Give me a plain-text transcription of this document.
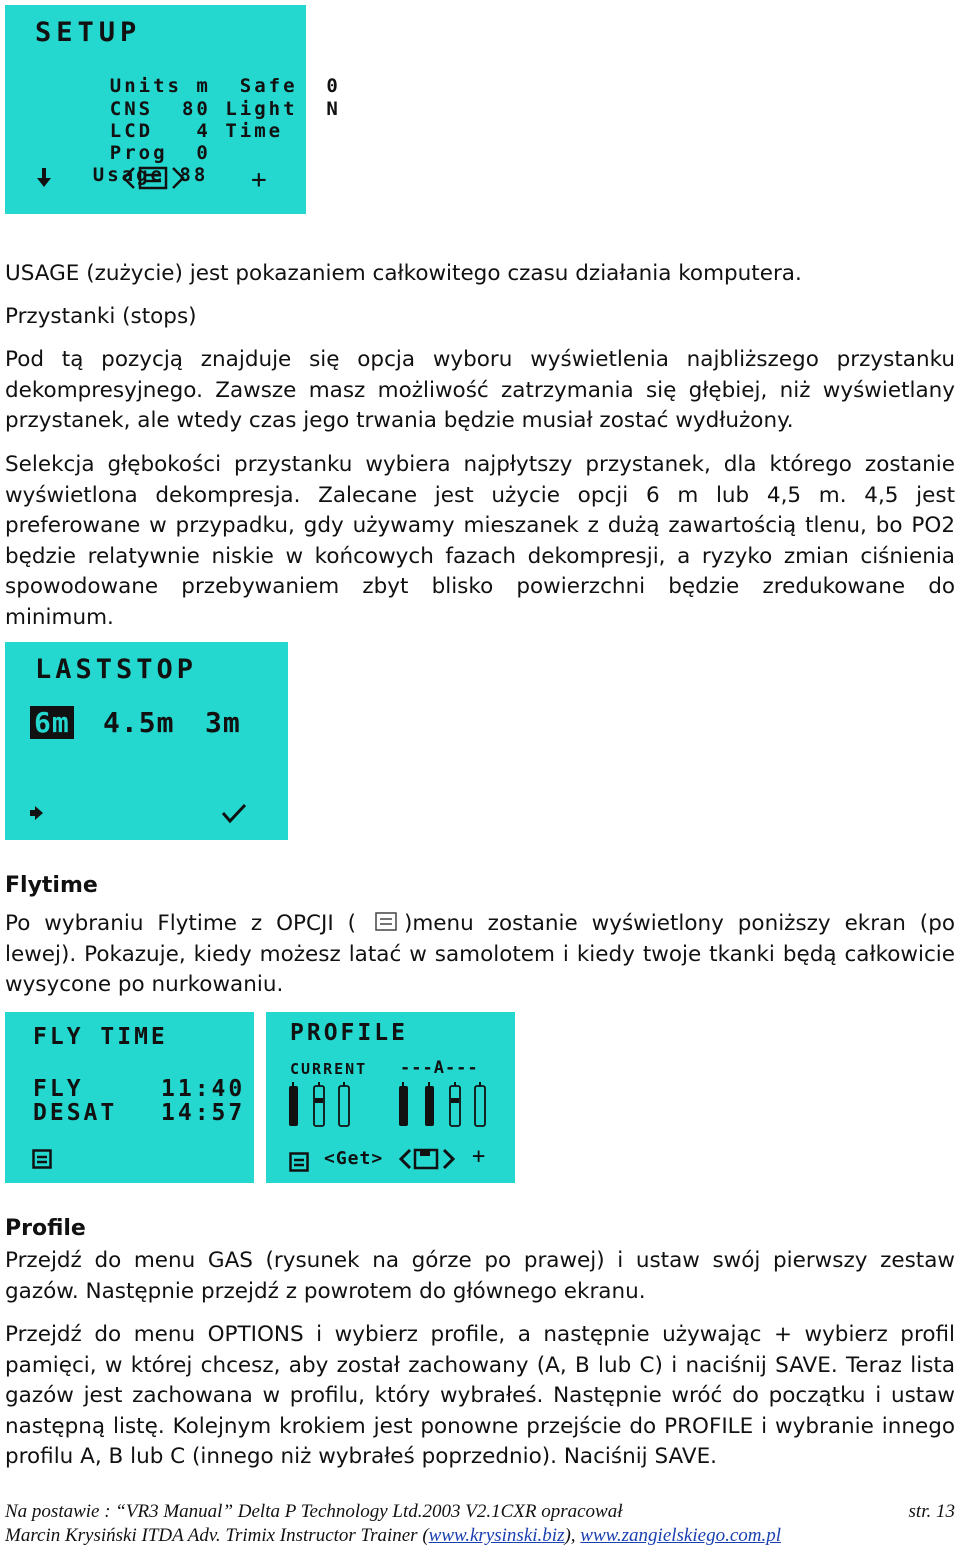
SETUP

Units m Safe 0

CNS 80 Light N

LCD 4 Time

Prog 0

Usage 88
+

USAGE (zużycie) jest pokazaniem całkowitego czasu działania komputera.

Przystanki (stops)

Pod tą pozycją znajduje się opcja wyboru wyświetlenia najbliższego przystanku dekompresyjnego. Zawsze masz możliwość zatrzymania się głębiej, niż wyświetlany przystanek, ale wtedy czas jego trwania będzie musiał zostać wydłużony.

Selekcja głębokości przystanku wybiera najpłytszy przystanek, dla którego zostanie wyświetlona dekompresja. Zalecane jest użycie opcji 6 m lub 4,5 m. 4,5 jest preferowane w przypadku, gdy używamy mieszanek z dużą zawartością tlenu, bo PO2 będzie relatywnie niskie w końcowych fazach dekompresji, a ryzyko zmian ciśnienia spowodowane przebywaniem zbyt blisko powierzchni będzie zredukowane do minimum.

LASTSTOP
6m 4.5m 3m
Flytime

Po wybraniu Flytime z OPCJI ( )menu zostanie wyświetlony poniższy ekran (po lewej). Pokazuje, kiedy możesz latać w samolotem i kiedy twoje tkanki będą całkowicie wysycone po nurkowaniu.

FLY TIME
FLY	11:40
DESAT 14:57
PROFILE
CURRENT ---A---
<Get>	+
Profile

Przejdź do menu GAS (rysunek na górze po prawej) i ustaw swój pierwszy zestaw gazów. Następnie przejdź z powrotem do głównego ekranu.

Przejdź do menu OPTIONS i wybierz profile, a następnie używając + wybierz profil pamięci, w której chcesz, aby został zachowany (A, B lub C) i naciśnij SAVE. Teraz lista gazów jest zachowana w profilu, który wybrałeś. Następnie wróć do początku i ustaw następną listę. Kolejnym krokiem jest ponowne przejście do PROFILE i wybranie innego profilu A, B lub C (innego niż wybrałeś poprzednio). Naciśnij SAVE.

Na postawie : “VR3 Manual” Delta P Technology Ltd.2003 V2.1CXR opracował	str. 13
Marcin Krysiński ITDA Adv. Trimix Instructor Trainer (www.krysinski.biz), www.zangielskiego.com.pl
